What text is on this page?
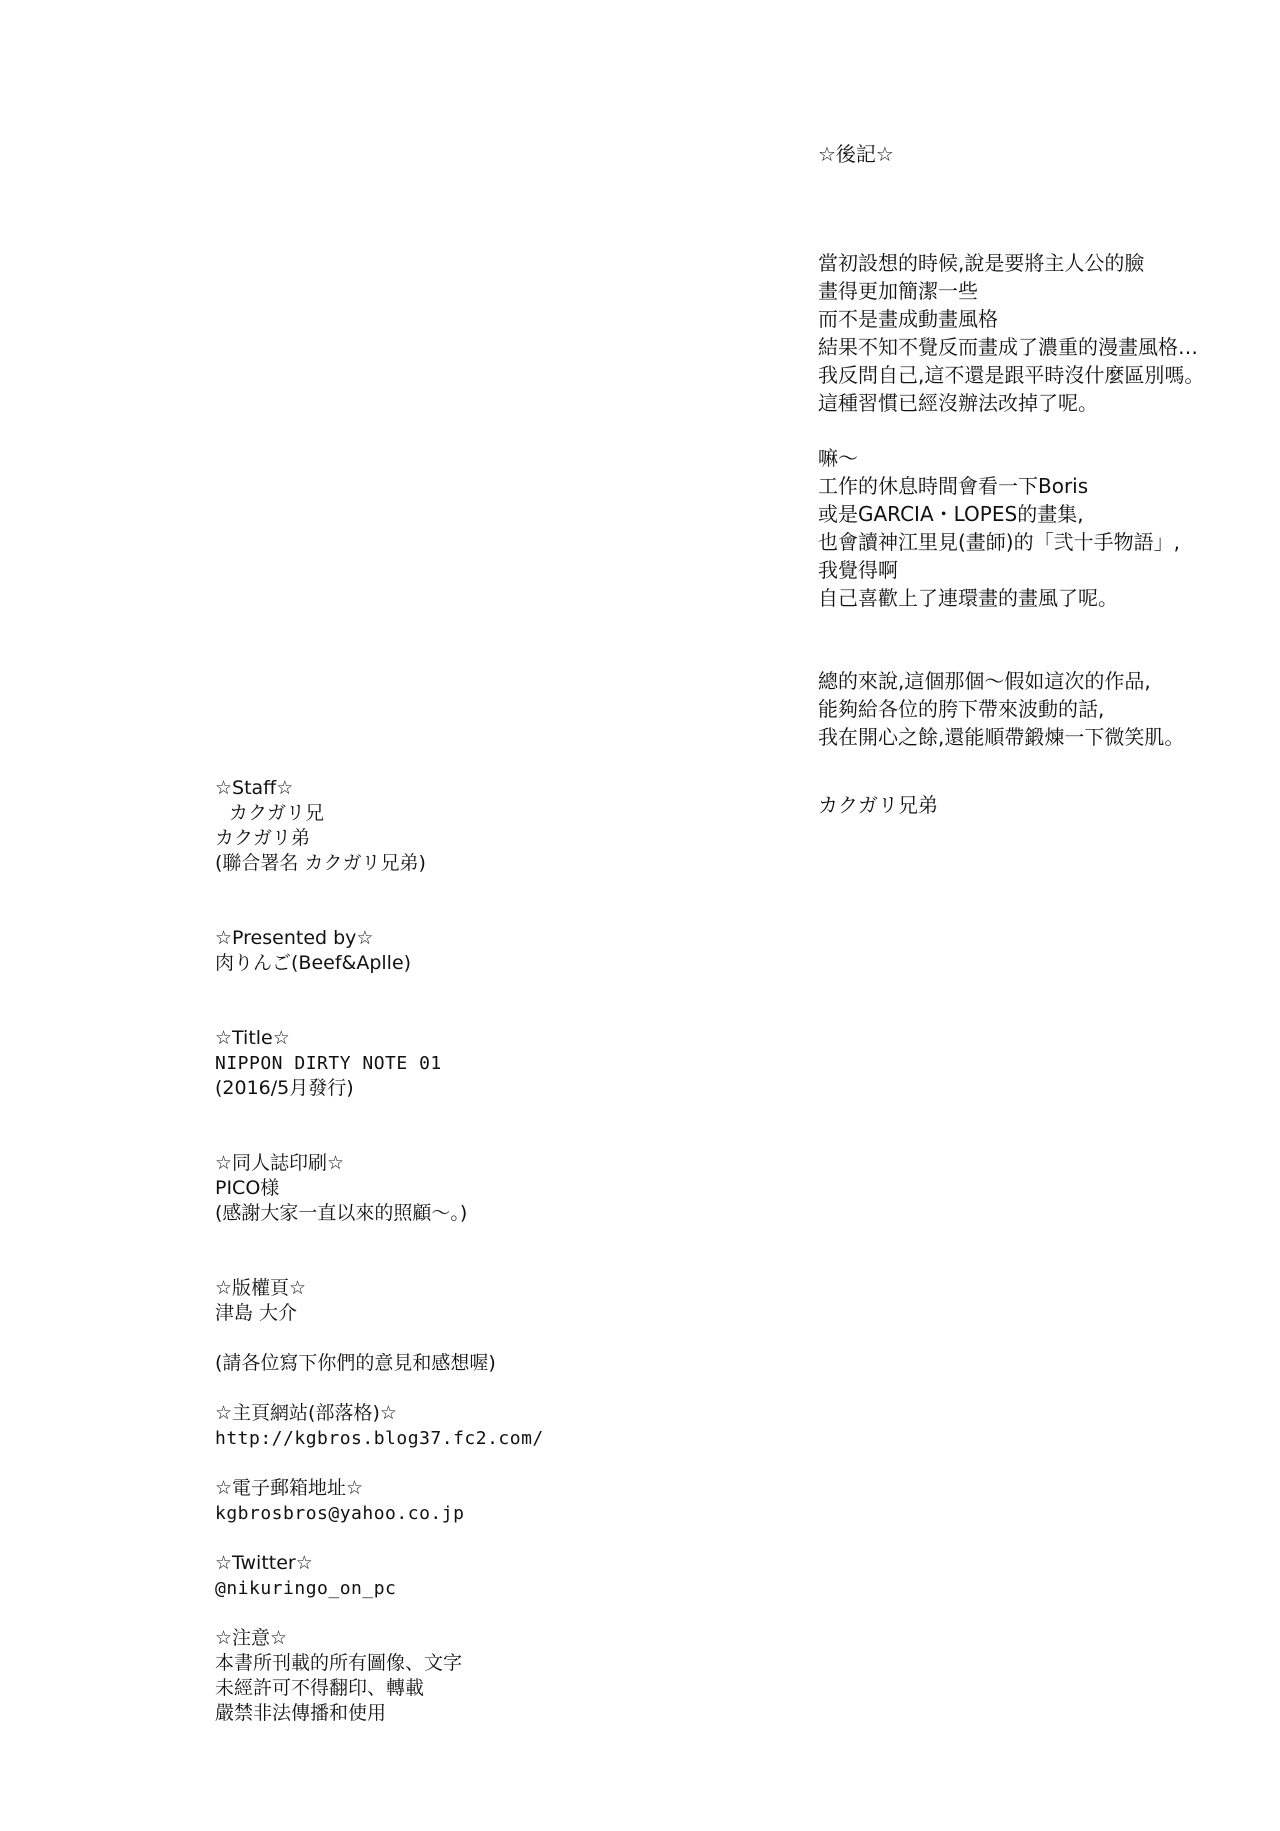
☆後記☆
當初設想的時候,說是要將主人公的臉
畫得更加簡潔一些
而不是畫成動畫風格
結果不知不覺反而畫成了濃重的漫畫風格…
我反問自己,這不還是跟平時沒什麼區別嗎。
這種習慣已經沒辦法改掉了呢。
嘛～
工作的休息時間會看一下Boris
或是GARCIA・LOPES的畫集,
也會讀神江里見(畫師)的「弐十手物語」,
我覺得啊
自己喜歡上了連環畫的畫風了呢。
總的來說,這個那個～假如這次的作品,
能夠給各位的胯下帶來波動的話,
我在開心之餘,還能順帶鍛煉一下微笑肌。
カクガリ兄弟
☆Staff☆
カクガリ兄
カクガリ弟
(聯合署名 カクガリ兄弟)
☆Presented by☆
肉りんご(Beef&Aplle)
☆Title☆
NIPPON DIRTY NOTE 01
(2016/5月發行)
☆同人誌印刷☆
PICO様
(感謝大家一直以來的照顧～。)
☆版權頁☆
津島 大介
(請各位寫下你們的意見和感想喔)
☆主頁網站(部落格)☆
http://kgbros.blog37.fc2.com/
☆電子郵箱地址☆
kgbrosbros@yahoo.co.jp
☆Twitter☆
@nikuringo_on_pc
☆注意☆
本書所刊載的所有圖像、文字
未經許可不得翻印、轉載
嚴禁非法傳播和使用
